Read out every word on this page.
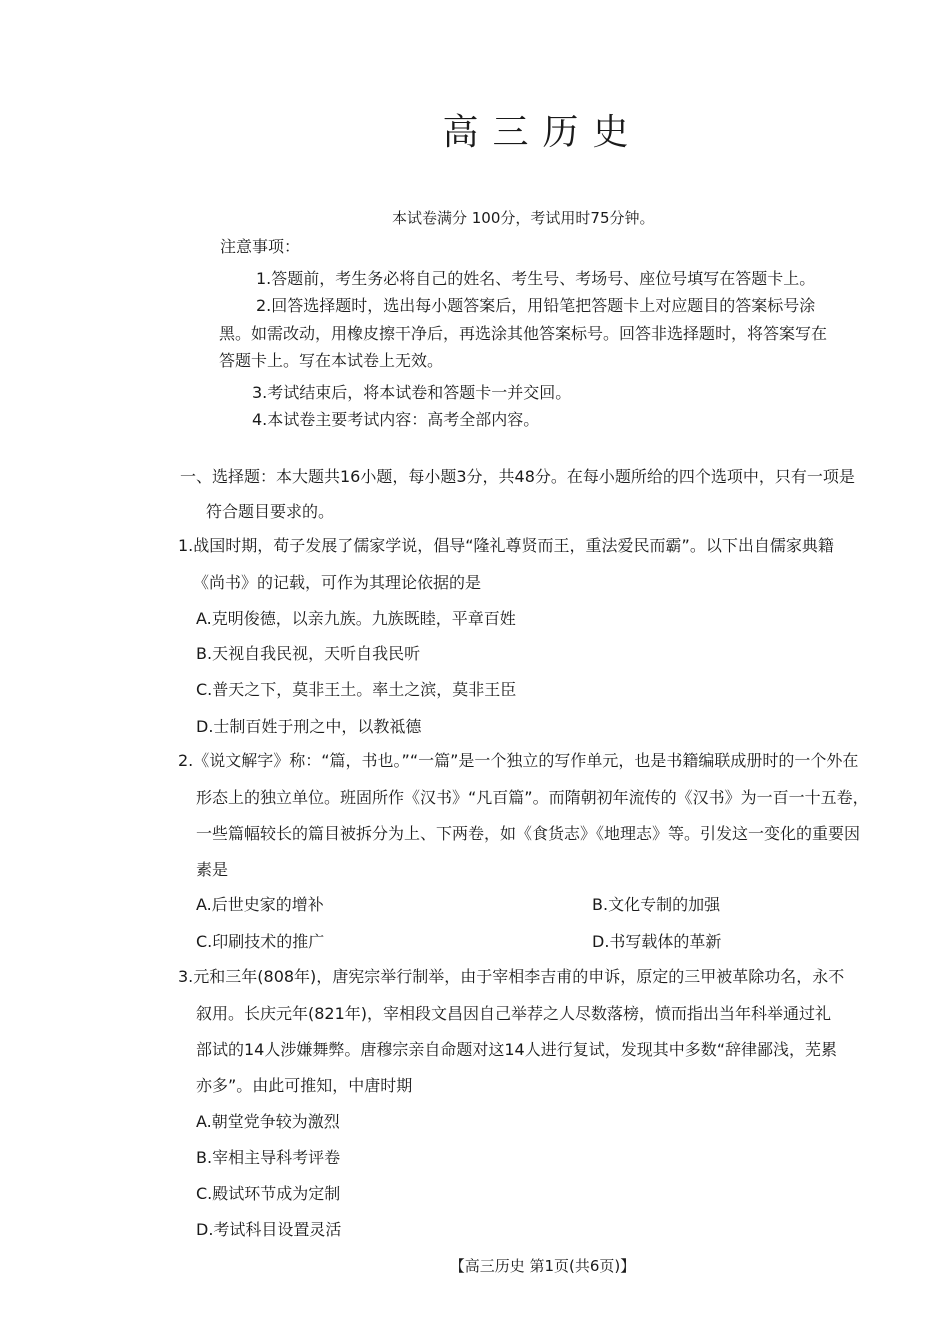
高三历史
本试卷满分 100分，考试用时75分钟。
注意事项：
1.答题前，考生务必将自己的姓名、考生号、考场号、座位号填写在答题卡上。
2.回答选择题时，选出每小题答案后，用铅笔把答题卡上对应题目的答案标号涂
黑。如需改动，用橡皮擦干净后，再选涂其他答案标号。回答非选择题时，将答案写在
答题卡上。写在本试卷上无效。
3.考试结束后，将本试卷和答题卡一并交回。
4.本试卷主要考试内容：高考全部内容。
一、选择题：本大题共16小题，每小题3分，共48分。在每小题所给的四个选项中，只有一项是
符合题目要求的。
1.战国时期，荀子发展了儒家学说，倡导“隆礼尊贤而王，重法爱民而霸”。以下出自儒家典籍
《尚书》的记载，可作为其理论依据的是
A.克明俊德，以亲九族。九族既睦，平章百姓
B.天视自我民视，天听自我民听
C.普天之下，莫非王土。率土之滨，莫非王臣
D.士制百姓于刑之中，以教祗德
2.《说文解字》称：“篇，书也。”“一篇”是一个独立的写作单元，也是书籍编联成册时的一个外在
形态上的独立单位。班固所作《汉书》“凡百篇”。而隋朝初年流传的《汉书》为一百一十五卷，
一些篇幅较长的篇目被拆分为上、下两卷，如《食货志》《地理志》等。引发这一变化的重要因
素是
A.后世史家的增补	B.文化专制的加强
C.印刷技术的推广	D.书写载体的革新
3.元和三年(808年)，唐宪宗举行制举，由于宰相李吉甫的申诉，原定的三甲被革除功名，永不
叙用。长庆元年(821年)，宰相段文昌因自己举荐之人尽数落榜，愤而指出当年科举通过礼
部试的14人涉嫌舞弊。唐穆宗亲自命题对这14人进行复试，发现其中多数“辞律鄙浅，芜累
亦多”。由此可推知，中唐时期
A.朝堂党争较为激烈
B.宰相主导科考评卷
C.殿试环节成为定制
D.考试科目设置灵活
【高三历史 第1页(共6页)】
